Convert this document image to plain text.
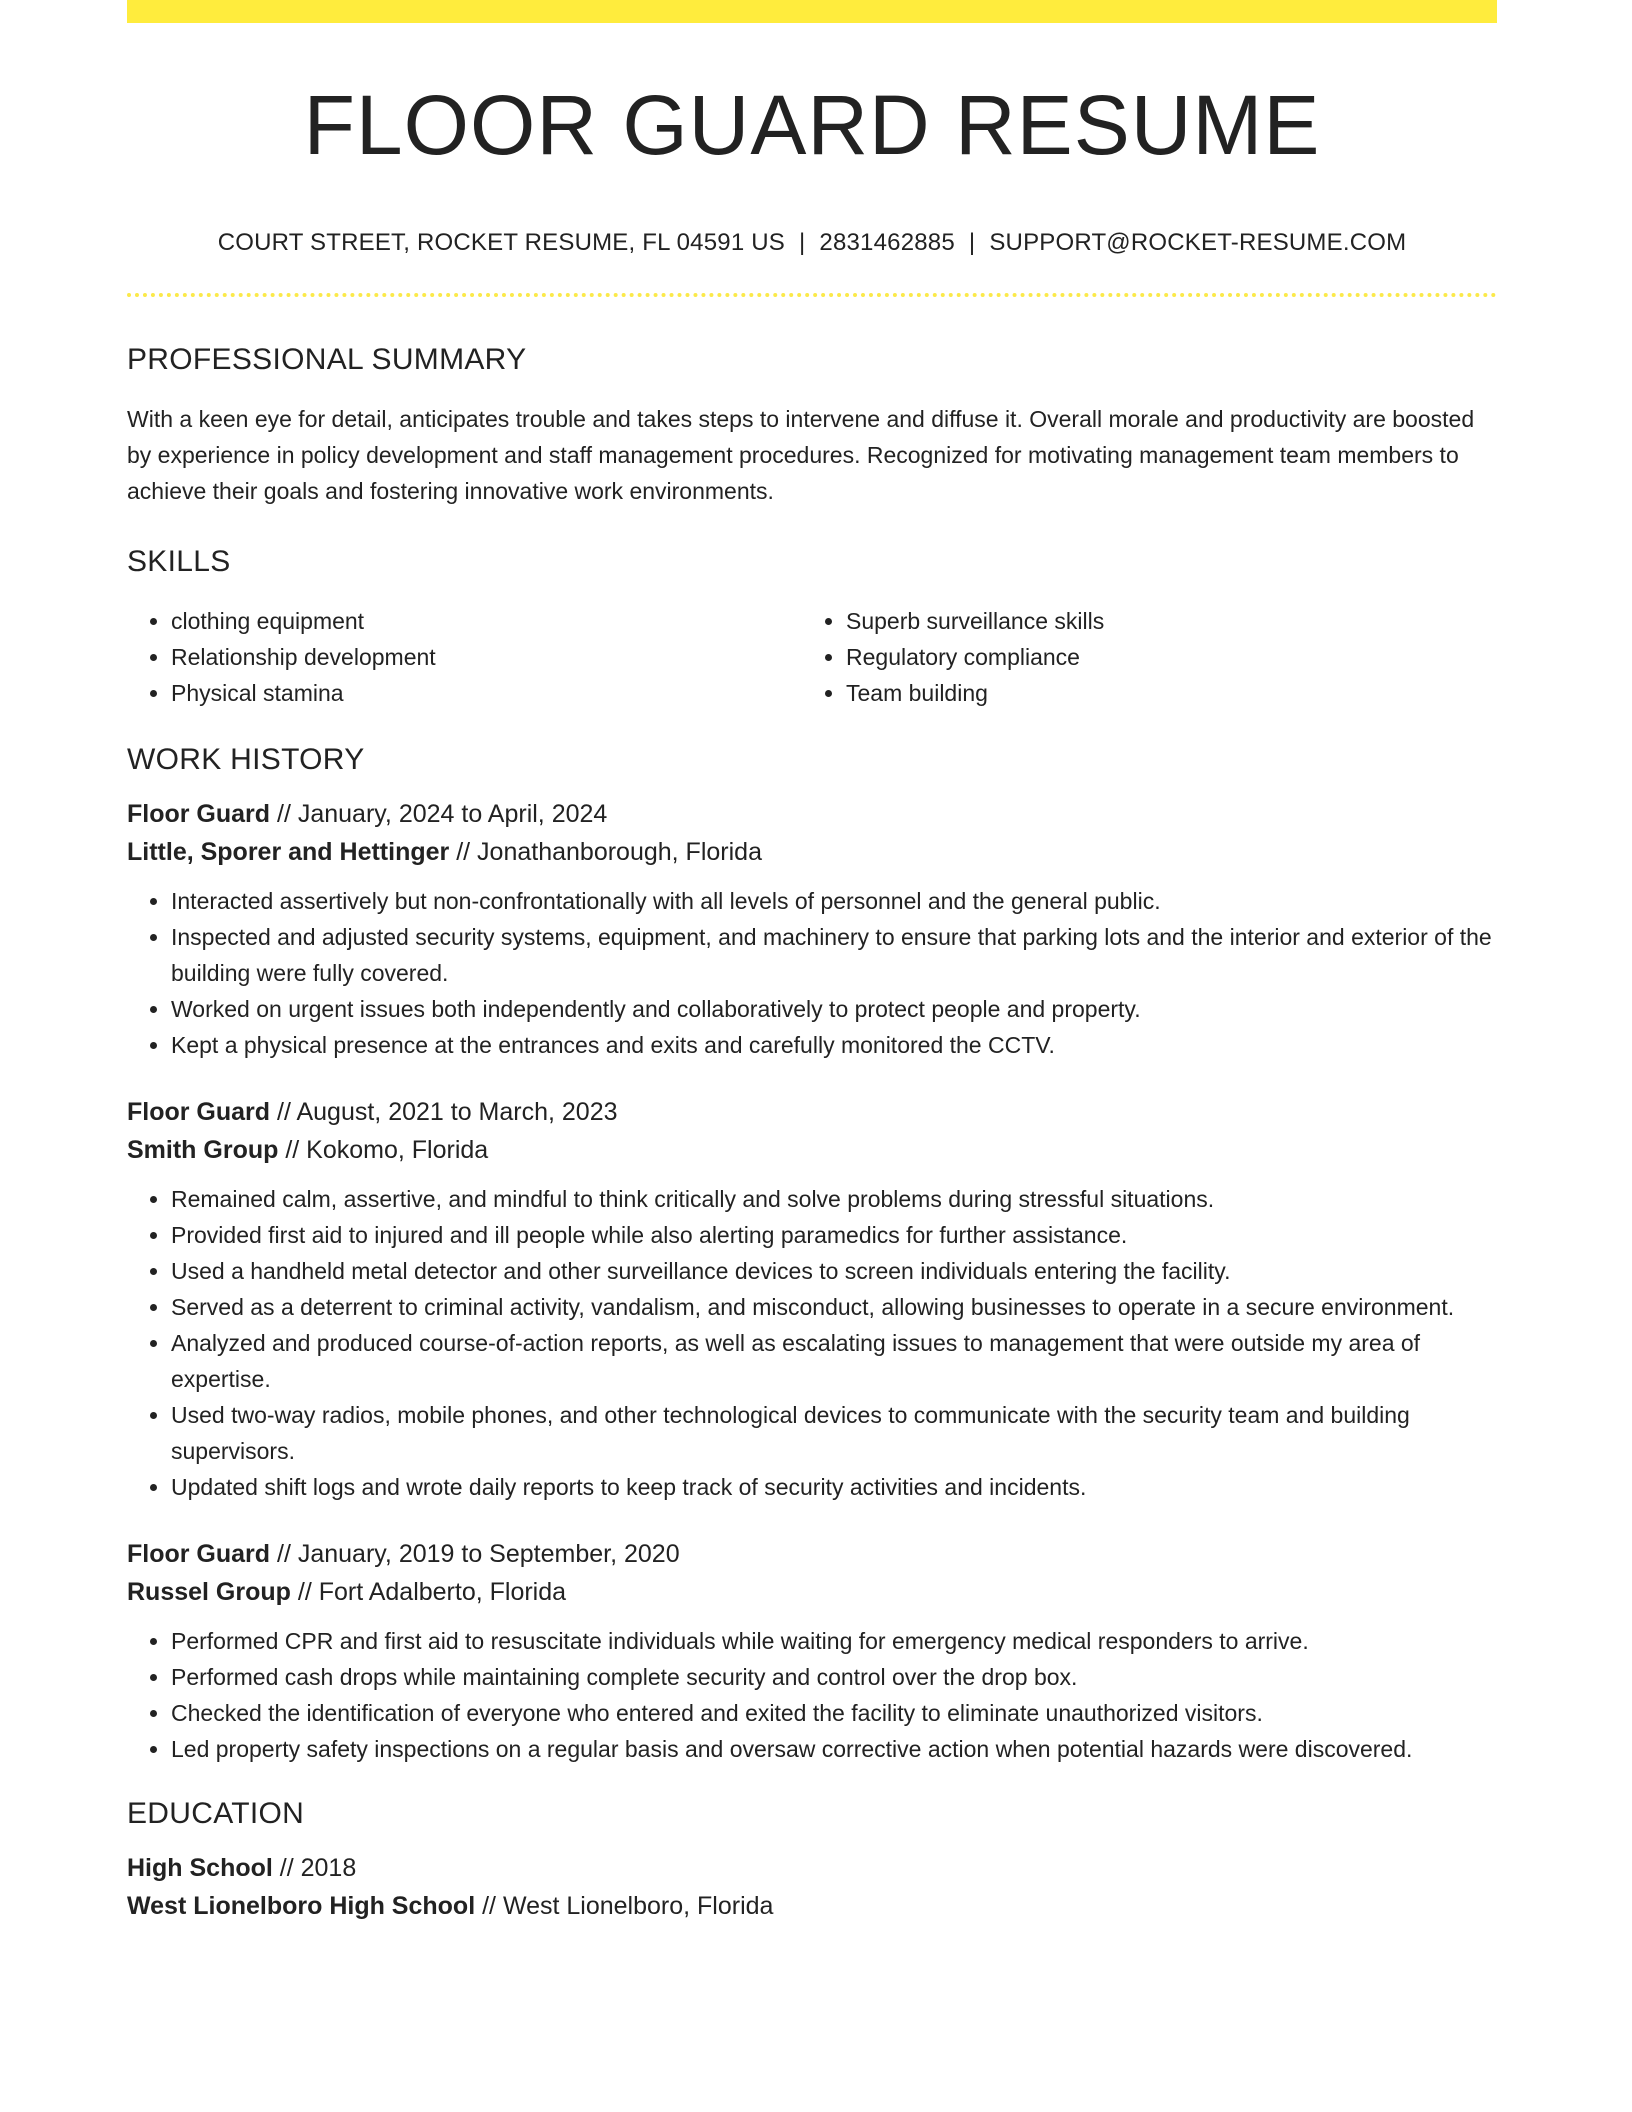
FLOOR GUARD RESUME
COURT STREET, ROCKET RESUME, FL 04591 US | 2831462885 | SUPPORT@ROCKET-RESUME.COM
PROFESSIONAL SUMMARY
With a keen eye for detail, anticipates trouble and takes steps to intervene and diffuse it. Overall morale and productivity are boosted by experience in policy development and staff management procedures. Recognized for motivating management team members to achieve their goals and fostering innovative work environments.
SKILLS
• clothing equipment
• Relationship development
• Physical stamina
• Superb surveillance skills
• Regulatory compliance
• Team building
WORK HISTORY
Floor Guard // January, 2024 to April, 2024
Little, Sporer and Hettinger // Jonathanborough, Florida
• Interacted assertively but non-confrontationally with all levels of personnel and the general public.
• Inspected and adjusted security systems, equipment, and machinery to ensure that parking lots and the interior and exterior of the building were fully covered.
• Worked on urgent issues both independently and collaboratively to protect people and property.
• Kept a physical presence at the entrances and exits and carefully monitored the CCTV.
Floor Guard // August, 2021 to March, 2023
Smith Group // Kokomo, Florida
• Remained calm, assertive, and mindful to think critically and solve problems during stressful situations.
• Provided first aid to injured and ill people while also alerting paramedics for further assistance.
• Used a handheld metal detector and other surveillance devices to screen individuals entering the facility.
• Served as a deterrent to criminal activity, vandalism, and misconduct, allowing businesses to operate in a secure environment.
• Analyzed and produced course-of-action reports, as well as escalating issues to management that were outside my area of expertise.
• Used two-way radios, mobile phones, and other technological devices to communicate with the security team and building supervisors.
• Updated shift logs and wrote daily reports to keep track of security activities and incidents.
Floor Guard // January, 2019 to September, 2020
Russel Group // Fort Adalberto, Florida
• Performed CPR and first aid to resuscitate individuals while waiting for emergency medical responders to arrive.
• Performed cash drops while maintaining complete security and control over the drop box.
• Checked the identification of everyone who entered and exited the facility to eliminate unauthorized visitors.
• Led property safety inspections on a regular basis and oversaw corrective action when potential hazards were discovered.
EDUCATION
High School // 2018
West Lionelboro High School // West Lionelboro, Florida
